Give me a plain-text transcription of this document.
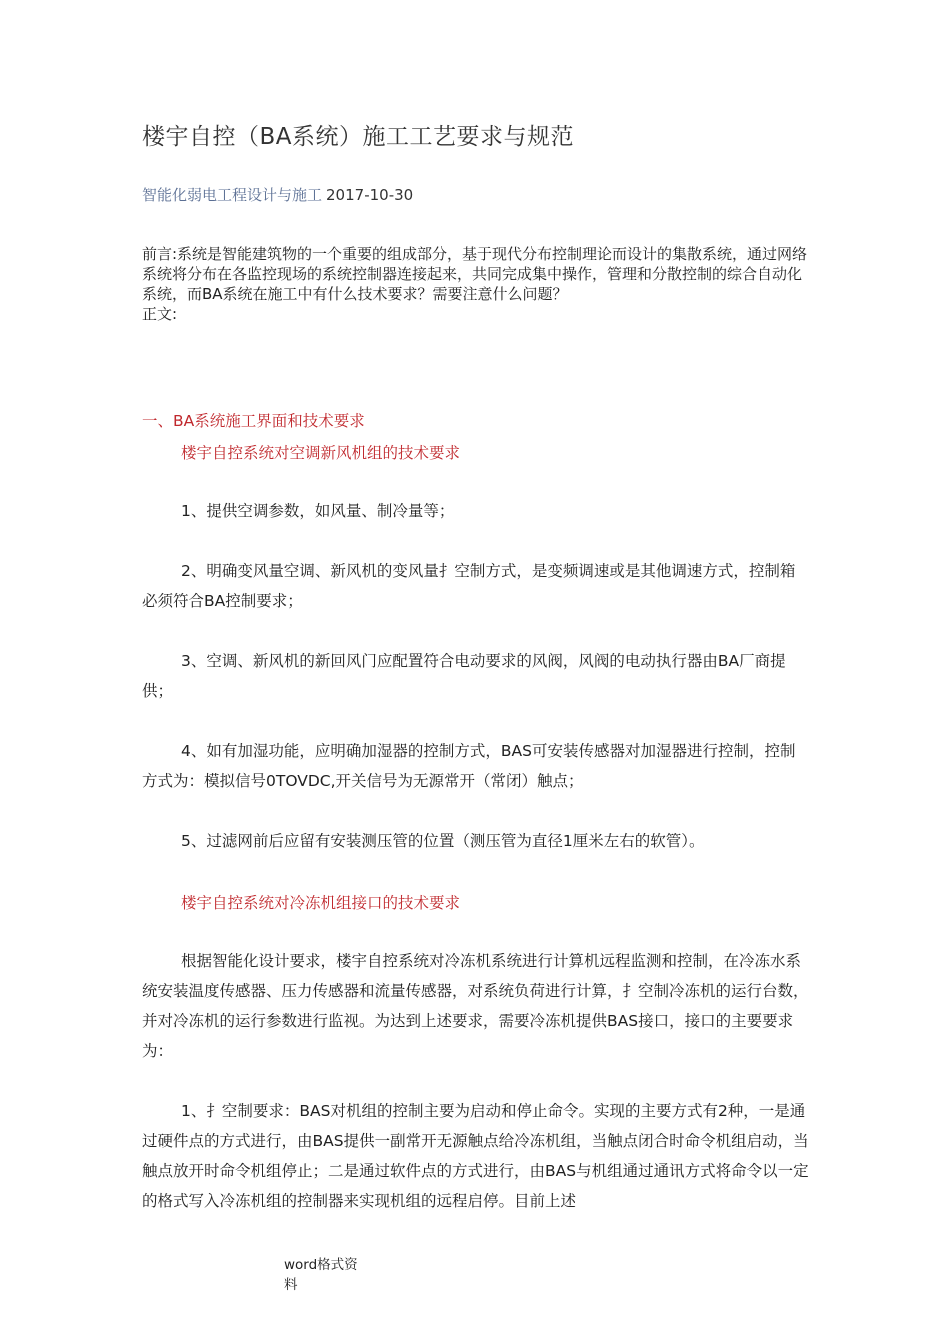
楼宇自控（BA系统）施工工艺要求与规范
智能化弱电工程设计与施工 2017-10-30

前言:系统是智能建筑物的一个重要的组成部分，基于现代分布控制理论而设计的集散系统，通过网络系统将分布在各监控现场的系统控制器连接起来，共同完成集中操作，管理和分散控制的综合自动化系统，而BA系统在施工中有什么技术要求？需要注意什么问题？

正文:

一、BA系统施工界面和技术要求
楼宇自控系统对空调新风机组的技术要求

1、提供空调参数，如风量、制冷量等；

2、明确变风量空调、新风机的变风量扌空制方式，是变频调速或是其他调速方式，控制箱必须符合BA控制要求；

3、空调、新风机的新回风门应配置符合电动要求的风阀，风阀的电动执行器由BA厂商提供；

4、如有加湿功能，应明确加湿器的控制方式，BAS可安装传感器对加湿器进行控制，控制方式为：模拟信号0TOVDC,开关信号为无源常开（常闭）触点；

5、过滤网前后应留有安装测压管的位置（测压管为直径1厘米左右的软管）。

楼宇自控系统对冷冻机组接口的技术要求

根据智能化设计要求，楼宇自控系统对冷冻机系统进行计算机远程监测和控制，在冷冻水系统安装温度传感器、压力传感器和流量传感器，对系统负荷进行计算，扌空制冷冻机的运行台数，并对冷冻机的运行参数进行监视。为达到上述要求，需要冷冻机提供BAS接口，接口的主要要求为：

1、扌空制要求：BAS对机组的控制主要为启动和停止命令。实现的主要方式有2种，一是通过硬件点的方式进行，由BAS提供一副常开无源触点给冷冻机组，当触点闭合时命令机组启动，当触点放开时命令机组停止；二是通过软件点的方式进行，由BAS与机组通过通讯方式将命令以一定的格式写入冷冻机组的控制器来实现机组的远程启停。目前上述

word格式资料
